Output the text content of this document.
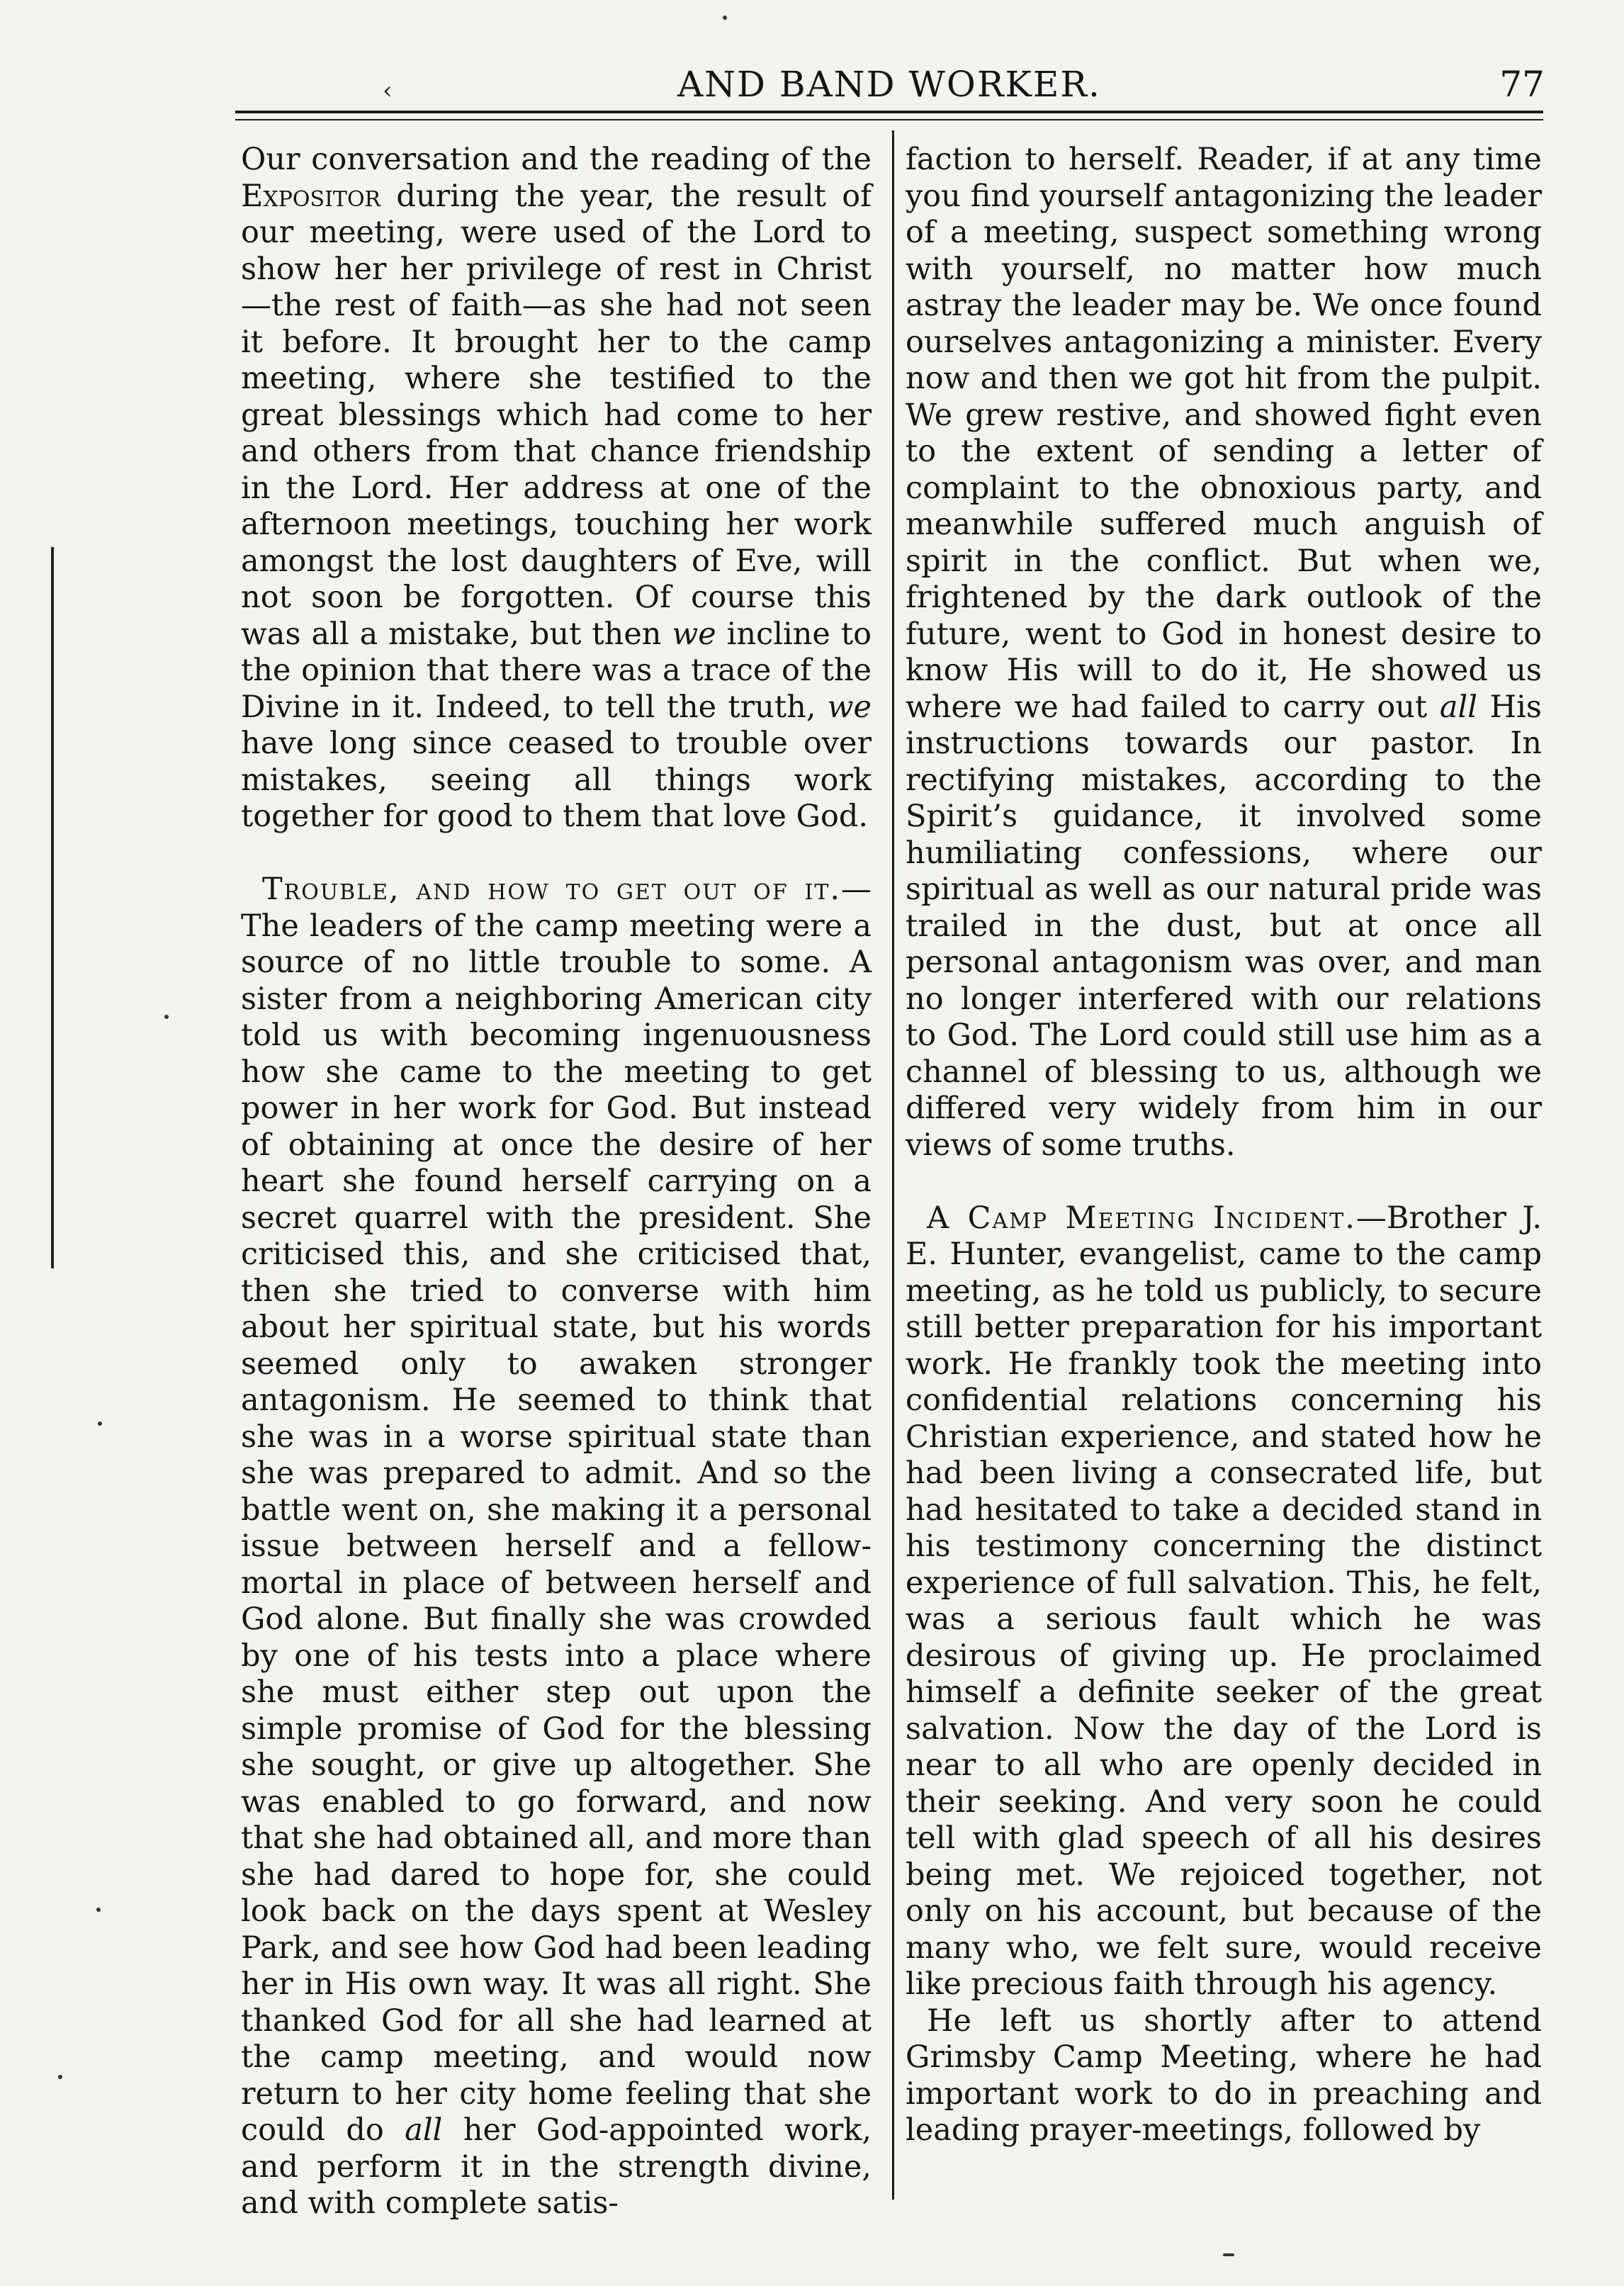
‹	AND BAND WORKER.	77

Our conversation and the reading of the Expositor during the year, the result of our meeting, were used of the Lord to show her her privilege of rest in Christ —the rest of faith—as she had not seen it before. It brought her to the camp meeting, where she testified to the great blessings which had come to her and others from that chance friendship in the Lord. Her address at one of the afternoon meetings, touching her work amongst the lost daughters of Eve, will not soon be forgotten. Of course this was all a mistake, but then we incline to the opinion that there was a trace of the Divine in it. Indeed, to tell the truth, we have long since ceased to trouble over mistakes, seeing all things work together for good to them that love God.

Trouble, and how to get out of it.—The leaders of the camp meeting were a source of no little trouble to some. A sister from a neighboring American city told us with becoming ingenuousness how she came to the meeting to get power in her work for God. But instead of obtaining at once the desire of her heart she found herself carrying on a secret quarrel with the president. She criticised this, and she criticised that, then she tried to converse with him about her spiritual state, but his words seemed only to awaken stronger antagonism. He seemed to think that she was in a worse spiritual state than she was prepared to admit. And so the battle went on, she making it a personal issue between herself and a fellow-mortal in place of between herself and God alone. But finally she was crowded by one of his tests into a place where she must either step out upon the simple promise of God for the blessing she sought, or give up altogether. She was enabled to go forward, and now that she had obtained all, and more than she had dared to hope for, she could look back on the days spent at Wesley Park, and see how God had been leading her in His own way. It was all right. She thanked God for all she had learned at the camp meeting, and would now return to her city home feeling that she could do all her God-appointed work, and perform it in the strength divine, and with complete satis-

faction to herself. Reader, if at any time you find yourself antagonizing the leader of a meeting, suspect something wrong with yourself, no matter how much astray the leader may be. We once found ourselves antagonizing a minister. Every now and then we got hit from the pulpit. We grew restive, and showed fight even to the extent of sending a letter of complaint to the obnoxious party, and meanwhile suffered much anguish of spirit in the conflict. But when we, frightened by the dark outlook of the future, went to God in honest desire to know His will to do it, He showed us where we had failed to carry out all His instructions towards our pastor. In rectifying mistakes, according to the Spirit’s guidance, it involved some humiliating confessions, where our spiritual as well as our natural pride was trailed in the dust, but at once all personal antagonism was over, and man no longer interfered with our relations to God. The Lord could still use him as a channel of blessing to us, although we differed very widely from him in our views of some truths.

A Camp Meeting Incident.—Brother J. E. Hunter, evangelist, came to the camp meeting, as he told us publicly, to secure still better preparation for his important work. He frankly took the meeting into confidential relations concerning his Christian experience, and stated how he had been living a consecrated life, but had hesitated to take a decided stand in his testimony concerning the distinct experience of full salvation. This, he felt, was a serious fault which he was desirous of giving up. He proclaimed himself a definite seeker of the great salvation. Now the day of the Lord is near to all who are openly decided in their seeking. And very soon he could tell with glad speech of all his desires being met. We rejoiced together, not only on his account, but because of the many who, we felt sure, would receive like precious faith through his agency.

He left us shortly after to attend Grimsby Camp Meeting, where he had important work to do in preaching and leading prayer-meetings, followed by
